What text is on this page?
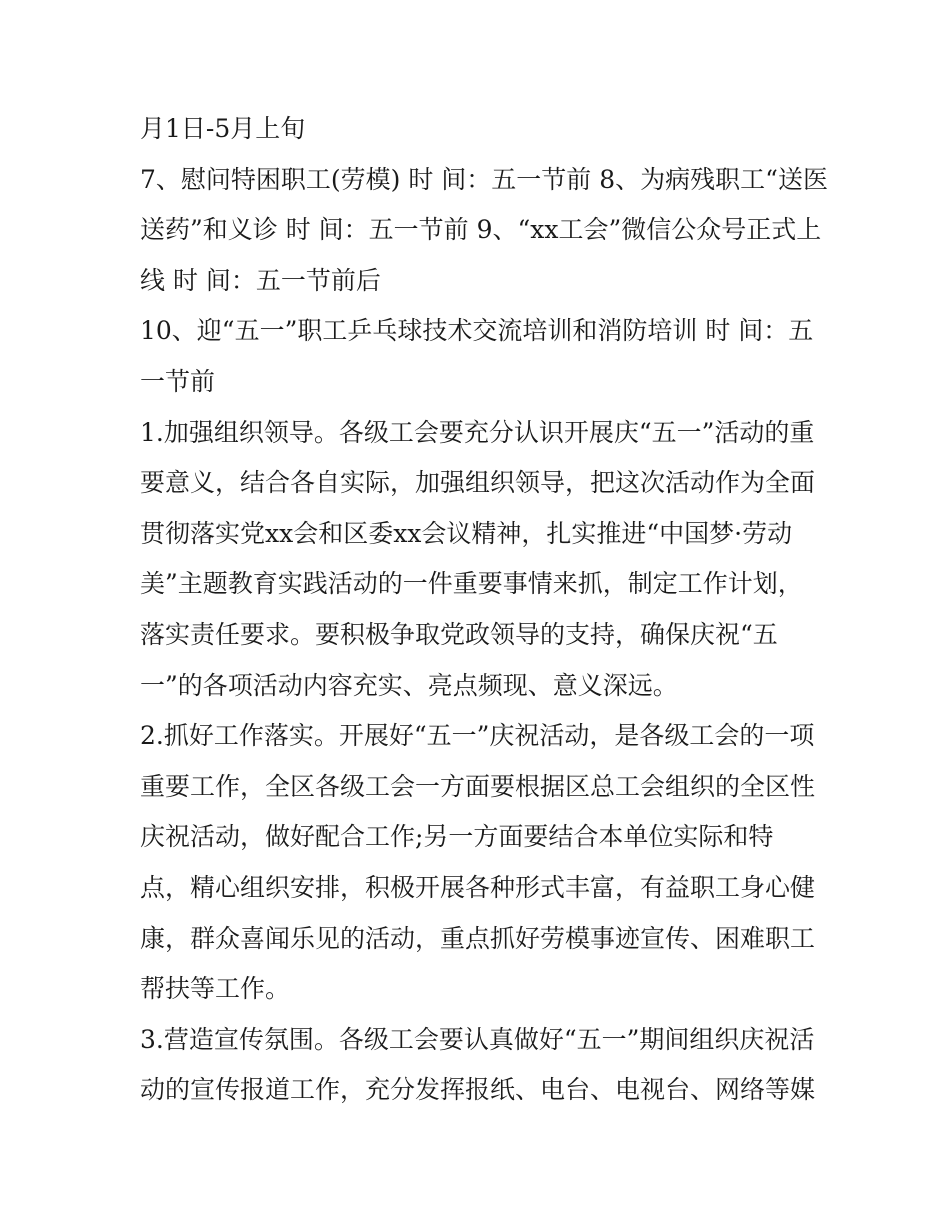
月1日-5月上旬
7、慰问特困职工(劳模) 时 间：五一节前 8、为病残职工“送医
送药”和义诊 时 间：五一节前 9、“xx工会”微信公众号正式上
线 时 间：五一节前后
10、迎“五一”职工乒乓球技术交流培训和消防培训 时 间：五
一节前
1.加强组织领导。各级工会要充分认识开展庆“五一”活动的重
要意义，结合各自实际，加强组织领导，把这次活动作为全面
贯彻落实党xx会和区委xx会议精神，扎实推进“中国梦·劳动
美”主题教育实践活动的一件重要事情来抓，制定工作计划，
落实责任要求。要积极争取党政领导的支持，确保庆祝“五
一”的各项活动内容充实、亮点频现、意义深远。
2.抓好工作落实。开展好“五一”庆祝活动，是各级工会的一项
重要工作，全区各级工会一方面要根据区总工会组织的全区性
庆祝活动，做好配合工作;另一方面要结合本单位实际和特
点，精心组织安排，积极开展各种形式丰富，有益职工身心健
康，群众喜闻乐见的活动，重点抓好劳模事迹宣传、困难职工
帮扶等工作。
3.营造宣传氛围。各级工会要认真做好“五一”期间组织庆祝活
动的宣传报道工作，充分发挥报纸、电台、电视台、网络等媒
